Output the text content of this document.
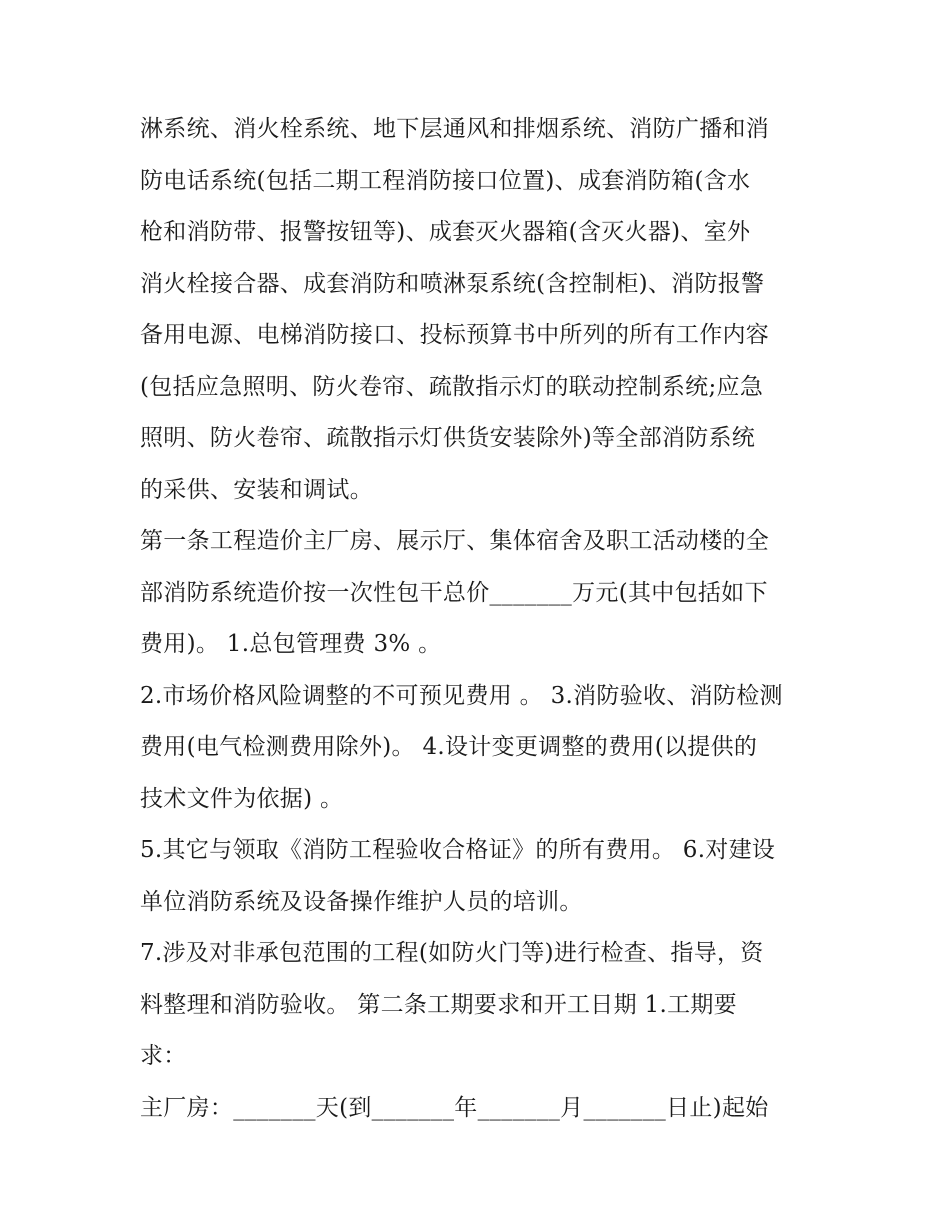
淋系统、消火栓系统、地下层通风和排烟系统、消防广播和消
防电话系统(包括二期工程消防接口位置)、成套消防箱(含水
枪和消防带、报警按钮等)、成套灭火器箱(含灭火器)、室外
消火栓接合器、成套消防和喷淋泵系统(含控制柜)、消防报警
备用电源、电梯消防接口、投标预算书中所列的所有工作内容
(包括应急照明、防火卷帘、疏散指示灯的联动控制系统;应急
照明、防火卷帘、疏散指示灯供货安装除外)等全部消防系统
的采供、安装和调试。
第一条工程造价主厂房、展示厅、集体宿舍及职工活动楼的全
部消防系统造价按一次性包干总价_______万元(其中包括如下
费用)。 1.总包管理费 3% 。
2.市场价格风险调整的不可预见费用 。 3.消防验收、消防检测
费用(电气检测费用除外)。 4.设计变更调整的费用(以提供的
技术文件为依据) 。
5.其它与领取《消防工程验收合格证》的所有费用。 6.对建设
单位消防系统及设备操作维护人员的培训。
7.涉及对非承包范围的工程(如防火门等)进行检查、指导，资
料整理和消防验收。 第二条工期要求和开工日期 1.工期要
求：
主厂房：_______天(到_______年_______月_______日止)起始
